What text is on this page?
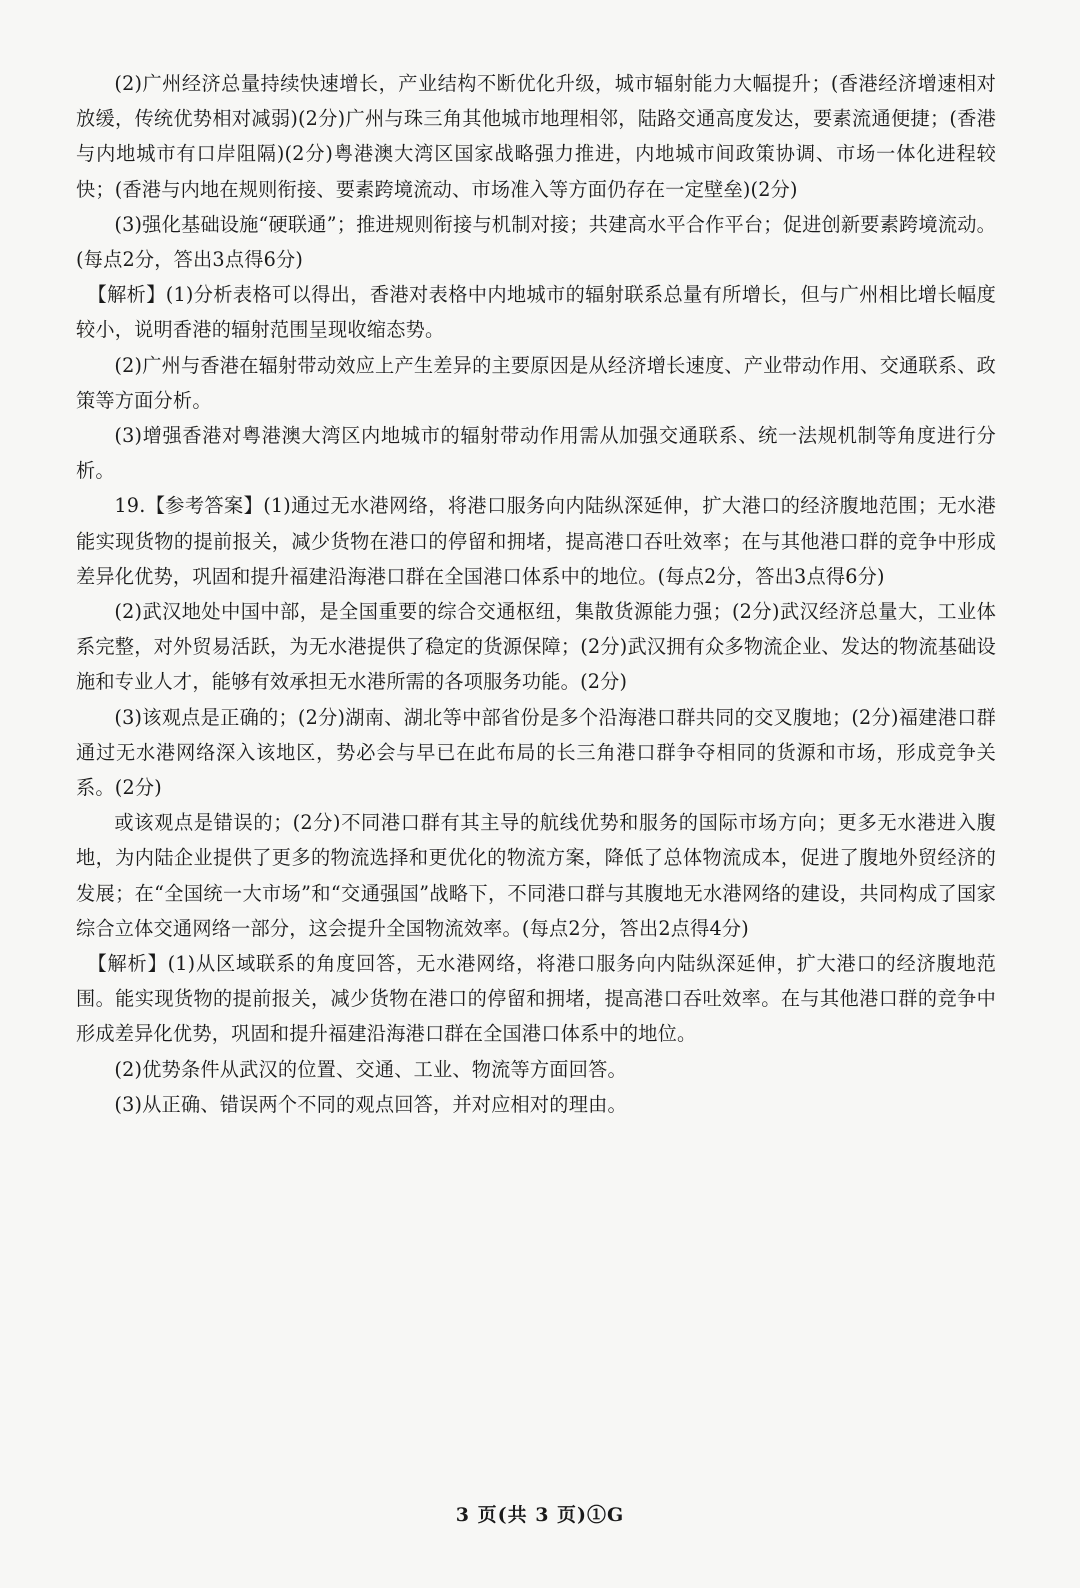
(2)广州经济总量持续快速增长，产业结构不断优化升级，城市辐射能力大幅提升；(香港经济增速相对放缓，传统优势相对减弱)(2分)广州与珠三角其他城市地理相邻，陆路交通高度发达，要素流通便捷；(香港与内地城市有口岸阻隔)(2分)粤港澳大湾区国家战略强力推进，内地城市间政策协调、市场一体化进程较快；(香港与内地在规则衔接、要素跨境流动、市场准入等方面仍存在一定壁垒)(2分)

(3)强化基础设施“硬联通”；推进规则衔接与机制对接；共建高水平合作平台；促进创新要素跨境流动。(每点2分，答出3点得6分)

【解析】(1)分析表格可以得出，香港对表格中内地城市的辐射联系总量有所增长，但与广州相比增长幅度较小，说明香港的辐射范围呈现收缩态势。

(2)广州与香港在辐射带动效应上产生差异的主要原因是从经济增长速度、产业带动作用、交通联系、政策等方面分析。

(3)增强香港对粤港澳大湾区内地城市的辐射带动作用需从加强交通联系、统一法规机制等角度进行分析。

19.【参考答案】(1)通过无水港网络，将港口服务向内陆纵深延伸，扩大港口的经济腹地范围；无水港能实现货物的提前报关，减少货物在港口的停留和拥堵，提高港口吞吐效率；在与其他港口群的竞争中形成差异化优势，巩固和提升福建沿海港口群在全国港口体系中的地位。(每点2分，答出3点得6分)

(2)武汉地处中国中部，是全国重要的综合交通枢纽，集散货源能力强；(2分)武汉经济总量大，工业体系完整，对外贸易活跃，为无水港提供了稳定的货源保障；(2分)武汉拥有众多物流企业、发达的物流基础设施和专业人才，能够有效承担无水港所需的各项服务功能。(2分)

(3)该观点是正确的；(2分)湖南、湖北等中部省份是多个沿海港口群共同的交叉腹地；(2分)福建港口群通过无水港网络深入该地区，势必会与早已在此布局的长三角港口群争夺相同的货源和市场，形成竞争关系。(2分)

或该观点是错误的；(2分)不同港口群有其主导的航线优势和服务的国际市场方向；更多无水港进入腹地，为内陆企业提供了更多的物流选择和更优化的物流方案，降低了总体物流成本，促进了腹地外贸经济的发展；在“全国统一大市场”和“交通强国”战略下，不同港口群与其腹地无水港网络的建设，共同构成了国家综合立体交通网络一部分，这会提升全国物流效率。(每点2分，答出2点得4分)

【解析】(1)从区域联系的角度回答，无水港网络，将港口服务向内陆纵深延伸，扩大港口的经济腹地范围。能实现货物的提前报关，减少货物在港口的停留和拥堵，提高港口吞吐效率。在与其他港口群的竞争中形成差异化优势，巩固和提升福建沿海港口群在全国港口体系中的地位。

(2)优势条件从武汉的位置、交通、工业、物流等方面回答。

(3)从正确、错误两个不同的观点回答，并对应相对的理由。

3 页(共 3 页)①G
